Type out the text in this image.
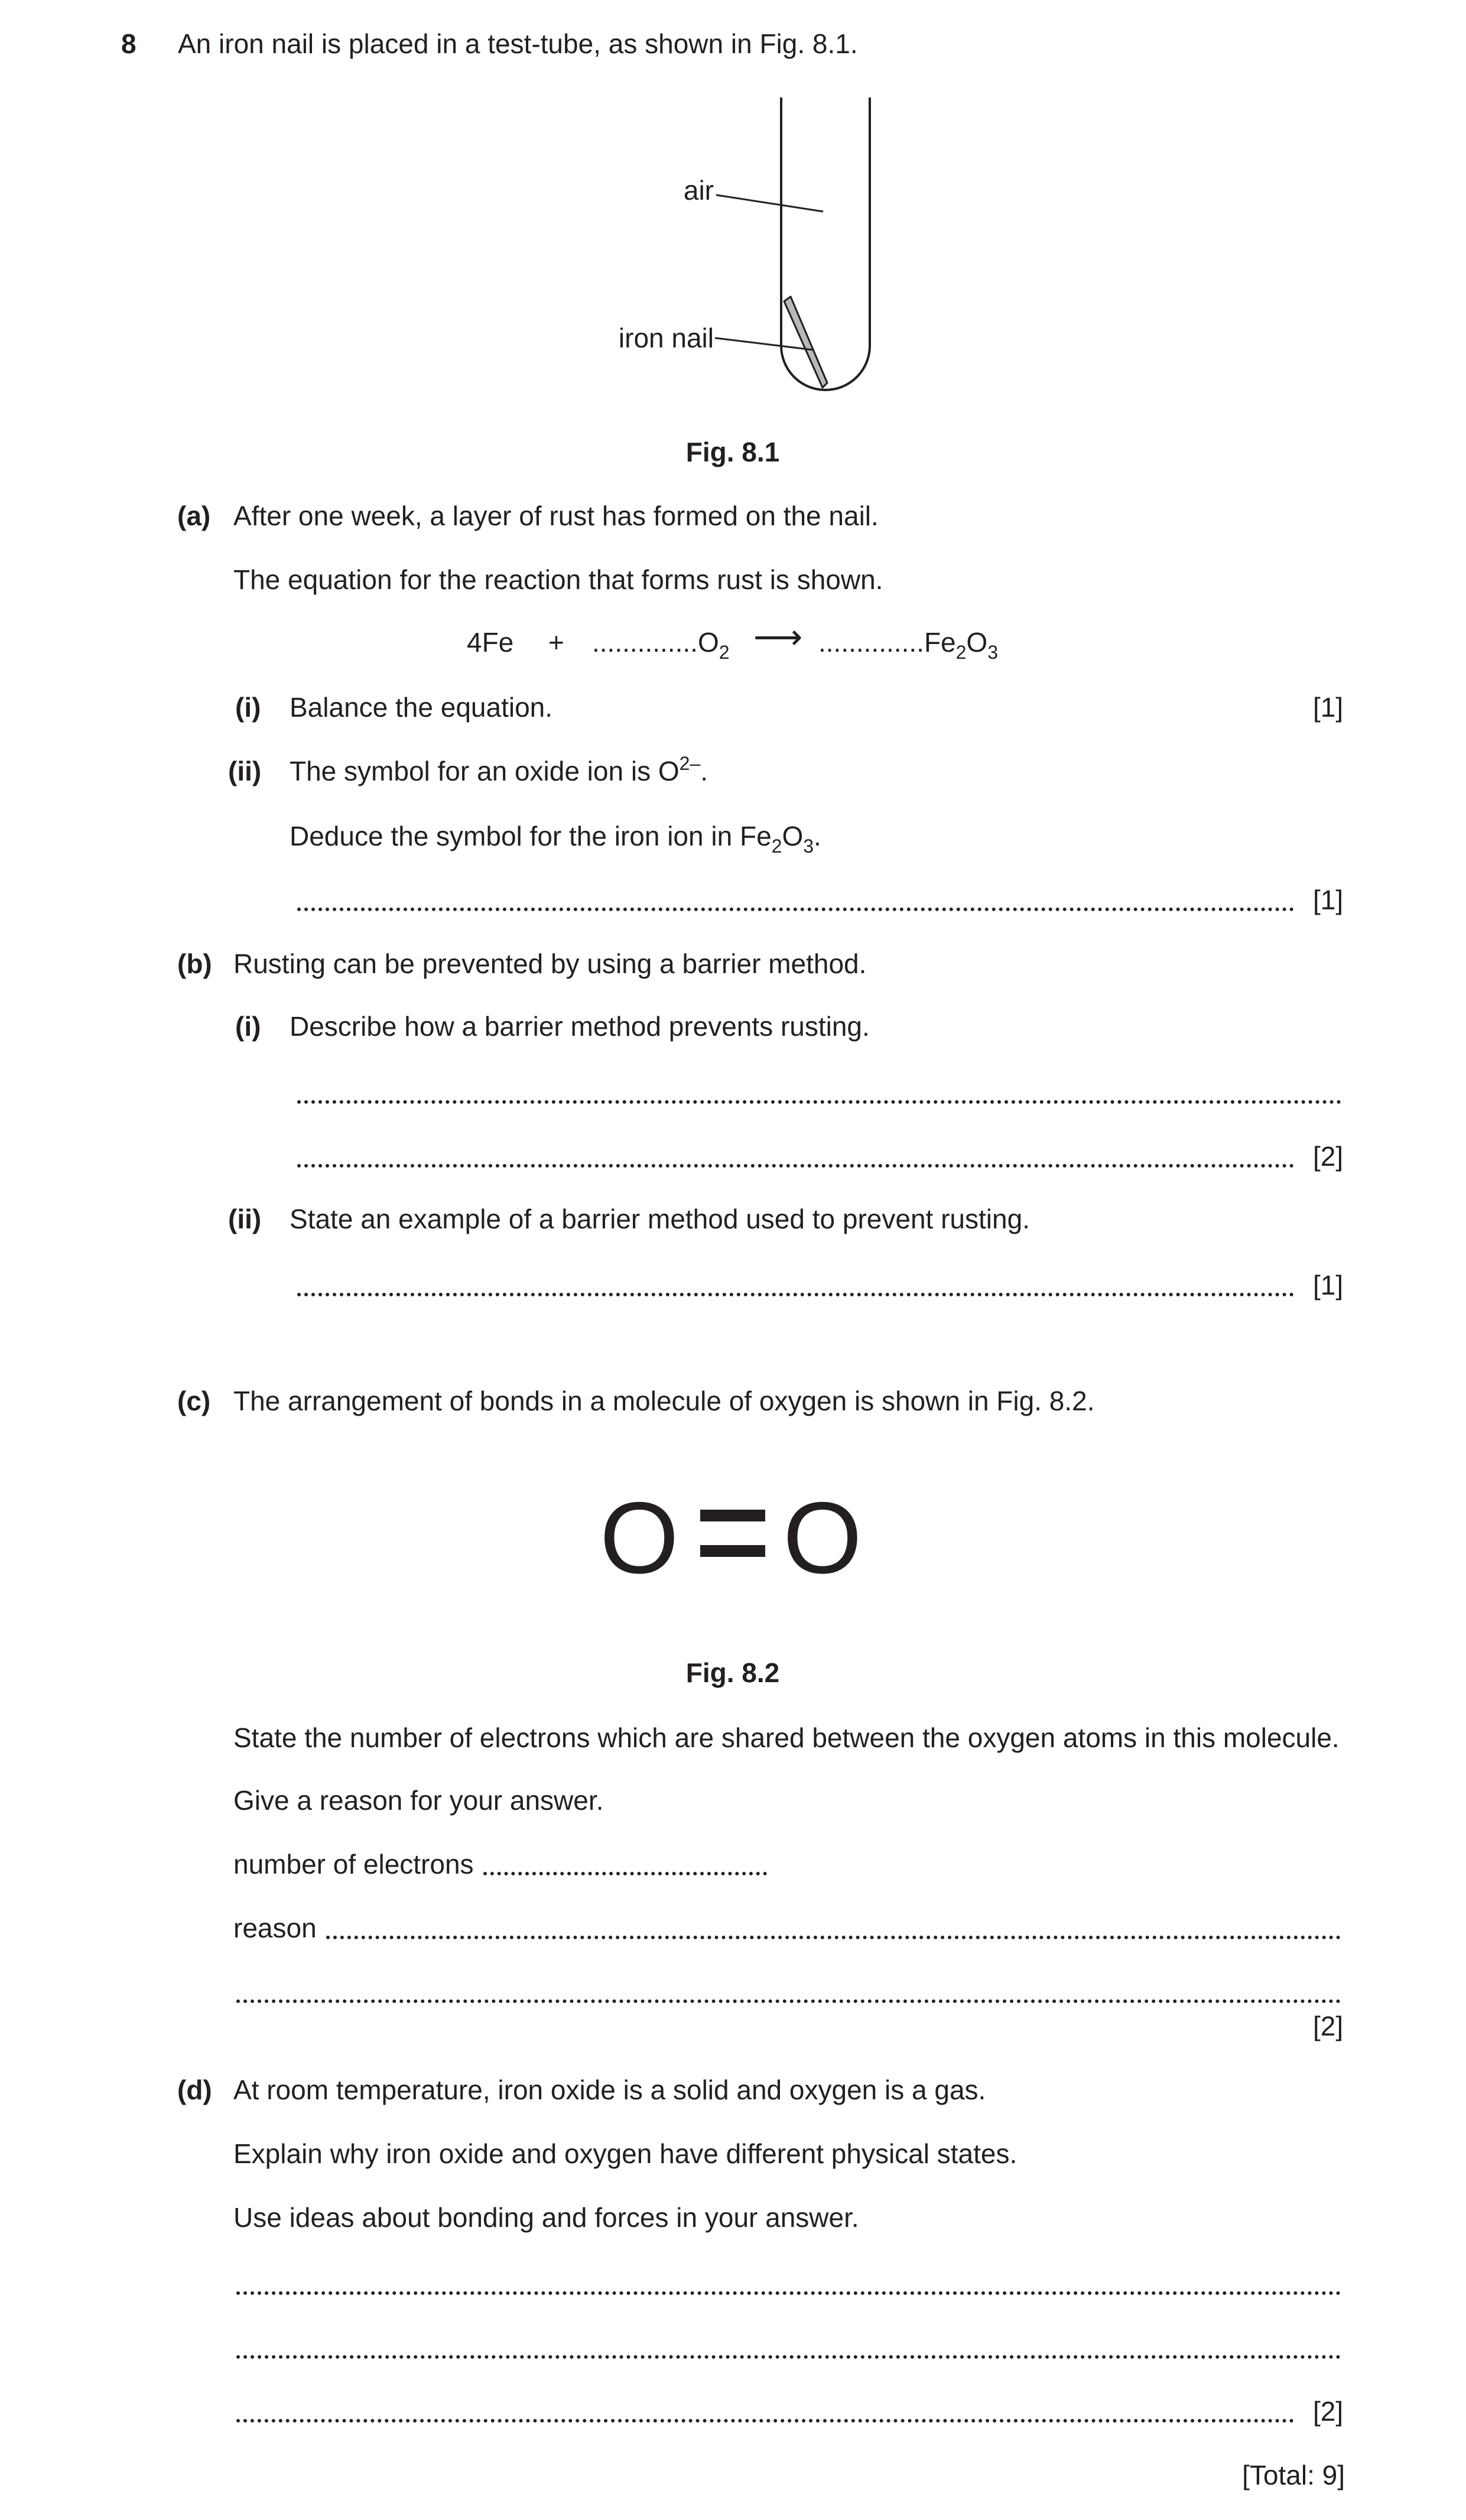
8 An iron nail is placed in a test-tube, as shown in Fig. 8.1.
air
iron nail
Fig. 8.1
(a) After one week, a layer of rust has formed on the nail.
The equation for the reaction that forms rust is shown.
$4Fe + ..............O_2$ ⟶ $..............Fe_2O_3$
(i) Balance the equation.	[1]
(ii) The symbol for an oxide ion is $O^{2-}$.
Deduce the symbol for the iron ion in $Fe_2O_3$.
[1]
(b) Rusting can be prevented by using a barrier method.
(i) Describe how a barrier method prevents rusting.
[2]
(ii) State an example of a barrier method used to prevent rusting.
[1]
(c) The arrangement of bonds in a molecule of oxygen is shown in Fig. 8.2.
O O
Fig. 8.2
State the number of electrons which are shared between the oxygen atoms in this molecule.
Give a reason for your answer.
number of electrons
reason
[2]
(d) At room temperature, iron oxide is a solid and oxygen is a gas.
Explain why iron oxide and oxygen have different physical states.
Use ideas about bonding and forces in your answer.
[2]
[Total: 9]
